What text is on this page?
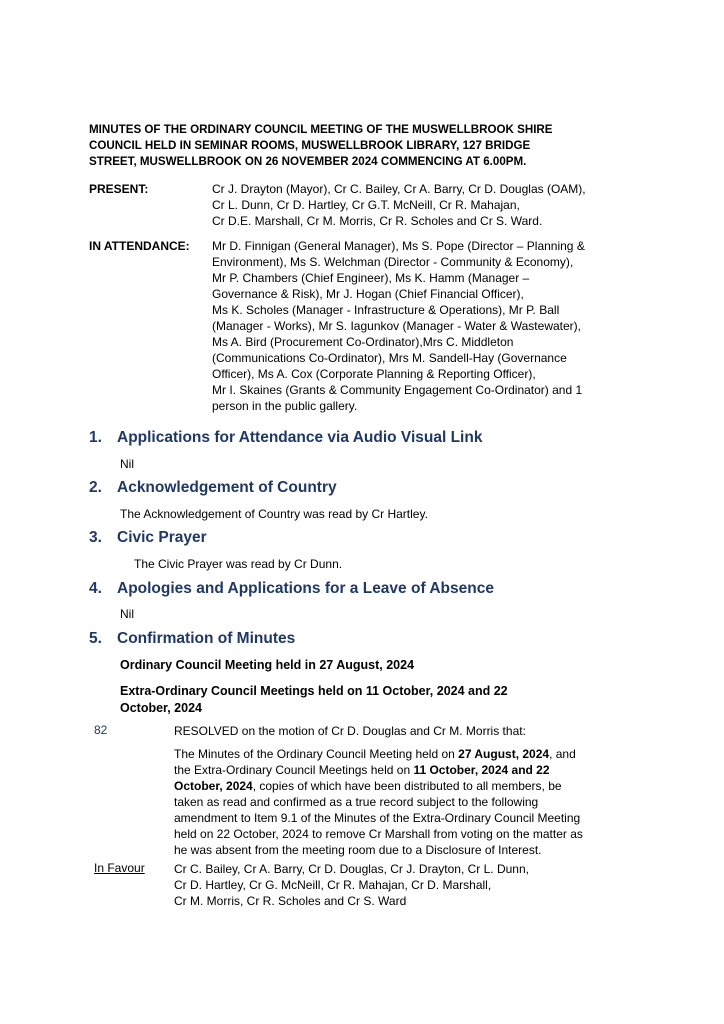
MINUTES OF THE ORDINARY COUNCIL MEETING OF THE MUSWELLBROOK SHIRE
COUNCIL HELD IN SEMINAR ROOMS, MUSWELLBROOK LIBRARY, 127 BRIDGE
STREET, MUSWELLBROOK ON 26 NOVEMBER 2024 COMMENCING AT 6.00PM.
PRESENT:	Cr J. Drayton (Mayor), Cr C. Bailey, Cr A. Barry, Cr D. Douglas (OAM),
Cr L. Dunn, Cr D. Hartley, Cr G.T. McNeill, Cr R. Mahajan,
Cr D.E. Marshall, Cr M. Morris, Cr R. Scholes and Cr S. Ward.
IN ATTENDANCE: Mr D. Finnigan (General Manager), Ms S. Pope (Director – Planning &
Environment), Ms S. Welchman (Director - Community & Economy),
Mr P. Chambers (Chief Engineer), Ms K. Hamm (Manager –
Governance & Risk), Mr J. Hogan (Chief Financial Officer),
Ms K. Scholes (Manager - Infrastructure & Operations), Mr P. Ball
(Manager - Works), Mr S. Iagunkov (Manager - Water & Wastewater),
Ms A. Bird (Procurement Co-Ordinator),Mrs C. Middleton
(Communications Co-Ordinator), Mrs M. Sandell-Hay (Governance
Officer), Ms A. Cox (Corporate Planning & Reporting Officer),
Mr I. Skaines (Grants & Community Engagement Co-Ordinator) and 1
person in the public gallery.
1. Applications for Attendance via Audio Visual Link
Nil
2. Acknowledgement of Country
The Acknowledgement of Country was read by Cr Hartley.
3. Civic Prayer
The Civic Prayer was read by Cr Dunn.
4. Apologies and Applications for a Leave of Absence
Nil
5. Confirmation of Minutes
Ordinary Council Meeting held in 27 August, 2024
Extra-Ordinary Council Meetings held on 11 October, 2024 and 22
October, 2024
82	RESOLVED on the motion of Cr D. Douglas and Cr M. Morris that:
The Minutes of the Ordinary Council Meeting held on 27 August, 2024, and
the Extra-Ordinary Council Meetings held on 11 October, 2024 and 22
October, 2024, copies of which have been distributed to all members, be
taken as read and confirmed as a true record subject to the following
amendment to Item 9.1 of the Minutes of the Extra-Ordinary Council Meeting
held on 22 October, 2024 to remove Cr Marshall from voting on the matter as
he was absent from the meeting room due to a Disclosure of Interest.
In Favour Cr C. Bailey, Cr A. Barry, Cr D. Douglas, Cr J. Drayton, Cr L. Dunn,
Cr D. Hartley, Cr G. McNeill, Cr R. Mahajan, Cr D. Marshall,
Cr M. Morris, Cr R. Scholes and Cr S. Ward
